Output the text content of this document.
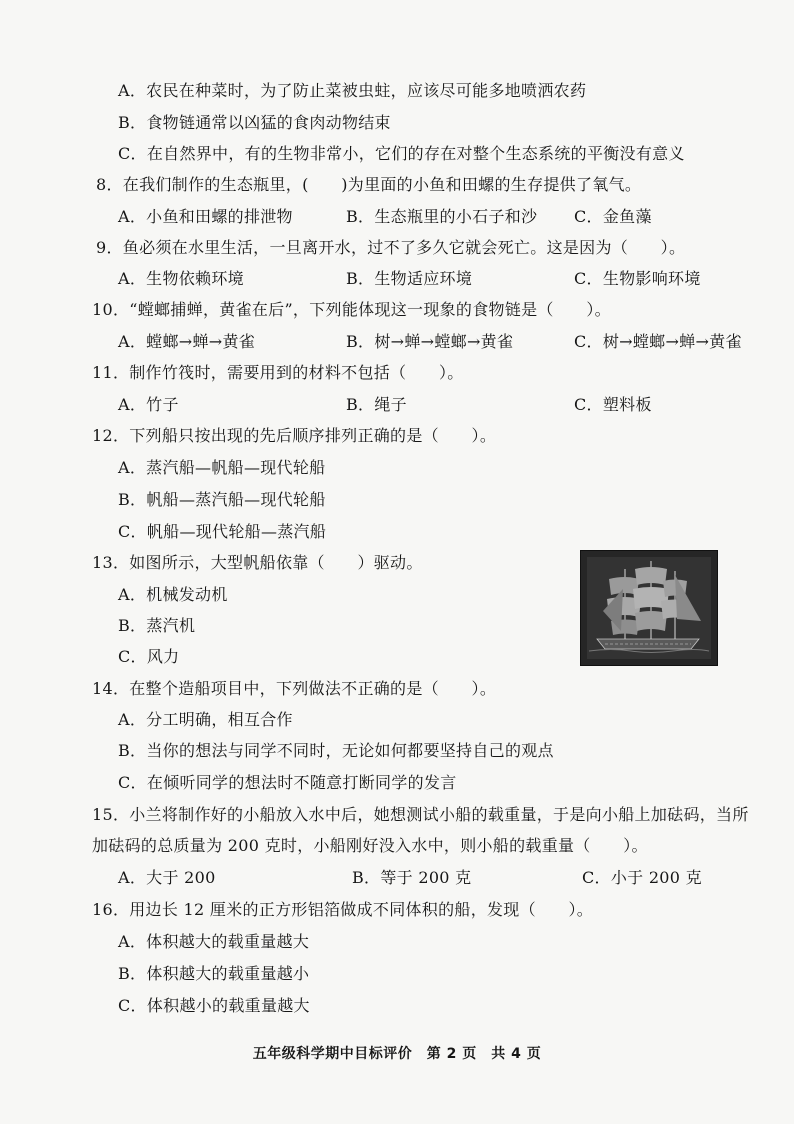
A．农民在种菜时，为了防止菜被虫蛀，应该尽可能多地喷洒农药
B．食物链通常以凶猛的食肉动物结束
C．在自然界中，有的生物非常小，它们的存在对整个生态系统的平衡没有意义
8．在我们制作的生态瓶里，(　　)为里面的小鱼和田螺的生存提供了氧气。
A．小鱼和田螺的排泄物	B．生态瓶里的小石子和沙 C．金鱼藻
9．鱼必须在水里生活，一旦离开水，过不了多久它就会死亡。这是因为（　　）。
A．生物依赖环境	B．生物适应环境	C．生物影响环境
10．“螳螂捕蝉，黄雀在后”，下列能体现这一现象的食物链是（　　）。
A．螳螂→蝉→黄雀	B．树→蝉→螳螂→黄雀	C．树→螳螂→蝉→黄雀
11．制作竹筏时，需要用到的材料不包括（　　）。
A．竹子	B．绳子	C．塑料板
12．下列船只按出现的先后顺序排列正确的是（　　）。
A．蒸汽船—帆船—现代轮船
B．帆船—蒸汽船—现代轮船
C．帆船—现代轮船—蒸汽船
13．如图所示，大型帆船依靠（　　）驱动。
A．机械发动机
B．蒸汽机
C．风力
14．在整个造船项目中，下列做法不正确的是（　　）。
A．分工明确，相互合作
B．当你的想法与同学不同时，无论如何都要坚持自己的观点
C．在倾听同学的想法时不随意打断同学的发言
15．小兰将制作好的小船放入水中后，她想测试小船的载重量，于是向小船上加砝码，当所
加砝码的总质量为 200 克时，小船刚好没入水中，则小船的载重量（　　）。
A．大于 200	B．等于 200 克	C．小于 200 克
16．用边长 12 厘米的正方形铝箔做成不同体积的船，发现（　　）。
A．体积越大的载重量越大
B．体积越大的载重量越小
C．体积越小的载重量越大
五年级科学期中目标评价　第 2 页　共 4 页
